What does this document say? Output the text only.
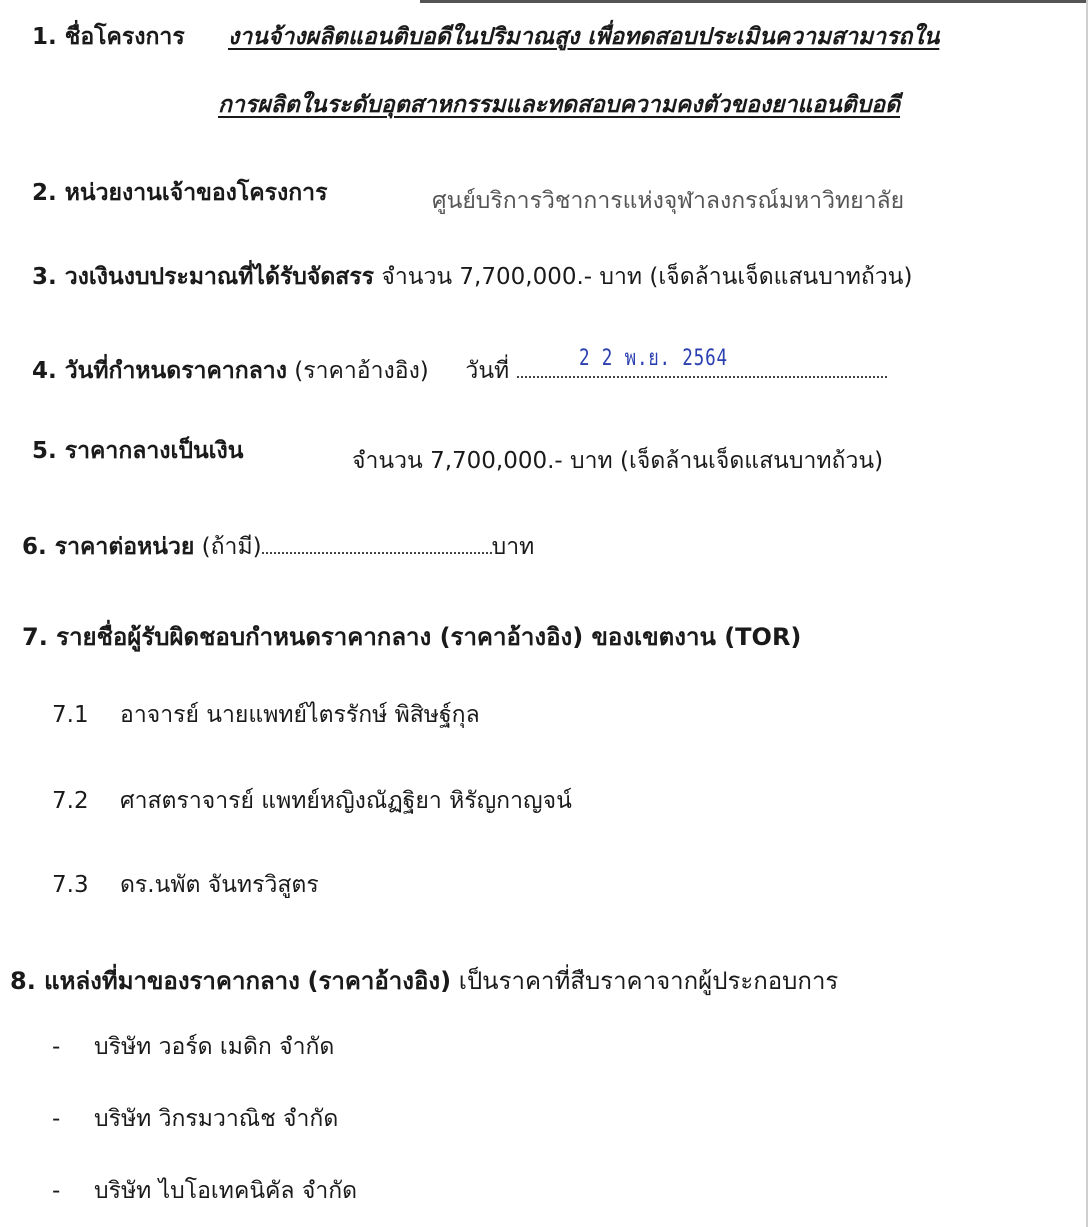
1. ชื่อโครงการ งานจ้างผลิตแอนติบอดีในปริมาณสูง เพื่อทดสอบประเมินความสามารถใน
การผลิตในระดับอุตสาหกรรมและทดสอบความคงตัวของยาแอนติบอดี
2. หน่วยงานเจ้าของโครงการ	ศูนย์บริการวิชาการแห่งจุฬาลงกรณ์มหาวิทยาลัย
3. วงเงินงบประมาณที่ได้รับจัดสรร จำนวน 7,700,000.- บาท (เจ็ดล้านเจ็ดแสนบาทถ้วน)
4. วันที่กำหนดราคากลาง (ราคาอ้างอิง) วันที่	2 2 พ.ย. 2564
5. ราคากลางเป็นเงิน	จำนวน 7,700,000.- บาท (เจ็ดล้านเจ็ดแสนบาทถ้วน)
6. ราคาต่อหน่วย (ถ้ามี)	บาท
7. รายชื่อผู้รับผิดชอบกำหนดราคากลาง (ราคาอ้างอิง) ของเขตงาน (TOR)
7.1 อาจารย์ นายแพทย์ไตรรักษ์ พิสิษฐ์กุล
7.2 ศาสตราจารย์ แพทย์หญิงณัฏฐิยา หิรัญกาญจน์
7.3 ดร.นพัต จันทรวิสูตร
8. แหล่งที่มาของราคากลาง (ราคาอ้างอิง) เป็นราคาที่สืบราคาจากผู้ประกอบการ
- บริษัท วอร์ด เมดิก จำกัด
- บริษัท วิกรมวาณิช จำกัด
- บริษัท ไบโอเทคนิคัล จำกัด
